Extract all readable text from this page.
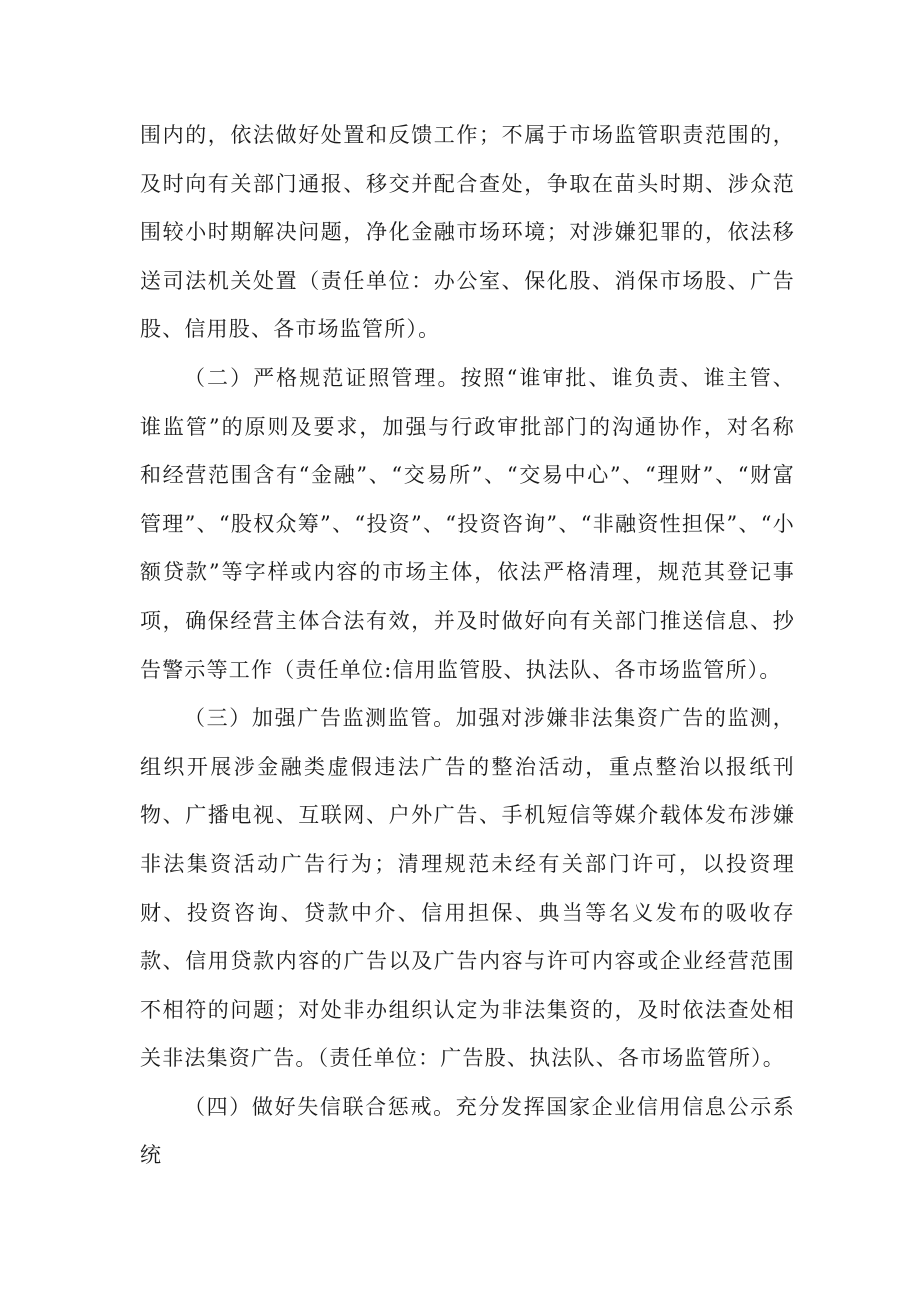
围内的，依法做好处置和反馈工作；不属于市场监管职责范围的，及时向有关部门通报、移交并配合查处，争取在苗头时期、涉众范围较小时期解决问题，净化金融市场环境；对涉嫌犯罪的，依法移送司法机关处置（责任单位：办公室、保化股、消保市场股、广告股、信用股、各市场监管所）。

（二）严格规范证照管理。按照“谁审批、谁负责、谁主管、谁监管”的原则及要求，加强与行政审批部门的沟通协作，对名称和经营范围含有“金融”、“交易所”、“交易中心”、“理财”、“财富管理”、“股权众筹”、“投资”、“投资咨询”、“非融资性担保”、“小额贷款”等字样或内容的市场主体，依法严格清理，规范其登记事项，确保经营主体合法有效，并及时做好向有关部门推送信息、抄告警示等工作（责任单位:信用监管股、执法队、各市场监管所）。

（三）加强广告监测监管。加强对涉嫌非法集资广告的监测，组织开展涉金融类虚假违法广告的整治活动，重点整治以报纸刊物、广播电视、互联网、户外广告、手机短信等媒介载体发布涉嫌非法集资活动广告行为；清理规范未经有关部门许可，以投资理财、投资咨询、贷款中介、信用担保、典当等名义发布的吸收存款、信用贷款内容的广告以及广告内容与许可内容或企业经营范围不相符的问题；对处非办组织认定为非法集资的，及时依法查处相关非法集资广告。（责任单位：广告股、执法队、各市场监管所）。

（四）做好失信联合惩戒。充分发挥国家企业信用信息公示系统
